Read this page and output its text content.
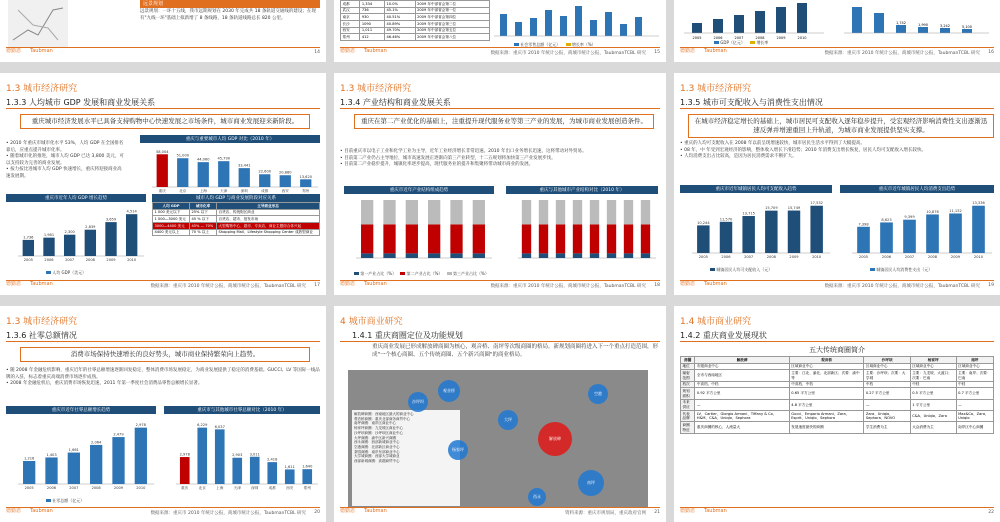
远景规划
远景规划：一环十五线，我市远期规划在 2030 年完成共 18 条轨道交通线的建设；在现有"九线一环"基础上拟新增了 8 条线路，18 条轨道线路总长 820 公里。
德勤恩 Taubman	14
成都	1,334	10.0%	2009 年中部省会第二位
武汉	736	45.1%	2009 年中部省会第一位
南京	930	40.51%	2009 年中部省会第四位
长沙	1090	40.89%	2009 年中部省会第三位
西安	1,011	49.70%	2009 年中部省会第五位
郑州	412	46.46%	2009 年中部省会第八位
社会零售总额（亿元）	增长率（%）
德勤恩 Taubman	数据来源：重庆市 2010 年统计公报，商城市统计公报，TaubmanTCBL 研究 15
2005	2006	2007	2008	2009	2010
1,742	1,990	3,242	5,100
GDP（亿元）	增长率
德勤恩 Taubman	数据来源：重庆市 2010 年统计公报，商城市统计公报，TaubmanTCBL 研究 16
1.3 城市经济研究
1.3.3 人均城市 GDP 发展和商业发展关系
重庆城市经济发展水平已具备支持购物中心快速发展之市场条件，城市商业发展迎来新阶段。
• 2010 年重庆市城市化水平 53%，人均 GDP 在全国排名靠后，应重点提升城市化率。
• 随着城市化的推进，城市人均 GDP 已达 3,800 美元，可以支持较为完善的商业发展。
• 按力按比进城市人均 GDP 快速增长，重庆将迎接商业高速发展期。
重庆与重要城市人均 GDP 对比（2010 年）
58,004
重庆
51,000
北京
44,060
上海
45,790
天津
33,441
深圳
22,600
成都
20,880
西安
13,620
郑州
重庆市近年人均 GDP 增长趋势
1,736
2005
1,981
2006
2,300
2007
2,839
2008
3,659
2009
4,514
2010
人均 GDP（美元）
城市人均 GDP 与商业发展阶段对应关系
人均 GDP	城市化率	主导商业形态
1 000 美元以下	25% 以下	百货店、传统街区商业
1 000—3000 美元	45 % 以下	百货店、超市、批发市场
3000—4400 美元	45% — 70%	大型购物中心、超市、专卖店，商业主题综合体兴起
4400 美元以上	70 % 以上	Shopping Mall、Lifestyle Shopping Center 成熟型商业
德勤恩 Taubman	数据来源：重庆市 2010 年统计公报，商城市统计公报，TaubmanTCBL 研究 17
1.3 城市经济研究
1.3.4 产业结构和商业发展关系
重庆在第二产业优化的基础上，注重提升现代服务业等第三产业的发展，为城市商业发展创造条件。
• 目前重庆市以电子工业和化学工业为主导，近年工业经济增长非常迅速。2010 年出口业务增长迅速，这将带动对外贸易。
• 目前第二产业仍占主导地位，城市高速发展正逐渐向第三产业转型，十二五规划将加快第三产业发展步伐。
• 目前第二产业稳步提升，城镇化率逐步提高，现代服务业的提升和集聚将带动城市商业的发展。
重庆市近年产业结构组成趋势	重庆与其他城市产业结构对比（2010 年）
第一产业占比（%）	第二产业占比（%）	第三产业占比（%）
德勤恩 Taubman	数据来源：重庆市 2010 年统计公报，商城市统计公报，TaubmanTCBL 研究 18
1.3 城市经济研究
1.3.5 城市可支配收入与消费性支出情况
在城市经济稳定增长的基础上，城市居民可支配收入逐年稳步提升，受宏观经济影响消费性支出逐渐迅速反弹并增速重回上升轨道，为城市商业发展提供坚实支撑。
• 重庆的人均可支配收入在 2008 年以前呈现增速较快，城市居民生活水平得到了大幅提高。
• 08 年，中 年受到宏观经济的影响，整体收入增长下滑趋势；2010 年消费支出增长恢复，居民人均可支配收入增长较快。
• 人均消费支出占比较高，是因为居民消费需求不断扩大。
重庆市近年城镇居民人均可支配收入趋势
10,244
2005
11,570
2006
13,715
2007
15,709
2008
15,749
2009
17,532
2010
城镇居民人均可支配收入（元）
重庆市近年城镇居民人均消费支出趋势
7,398
2005
8,623
2006
9,399
2007
10,876
2008
11,152
2009
13,336
2010
城镇居民人均消费性支出（元）
德勤恩 Taubman	数据来源：重庆市 2010 年统计公报，商城市统计公报，TaubmanTCBL 研究 19
1.3 城市经济研究
1.3.6 社零总额情况
消费市场保持快速增长的良好势头，城市商业保持繁荣向上趋势。
• 随 2008 年金融危机影响，重庆近年的社零总额增速逐渐回复稳定，整体消费市场发展稳定，为商业发展提供了稳定的消费基础。GUCCI、LV 等国际一线品牌的入驻，标志着重庆高端消费市场逐步成熟。
• 2008 年金融危机后，重庆消费市场恢复迅速，2011 年第一季度社会消费品零售总额增长显著。
重庆市近年社零总额增长趋势
1,216
2005
1,403
2006
1,661
2007
2,064
2008
2,479
2009
2,978
2010
社零总额（亿元）
重庆市与其他城市社零总额对比（2010 年）
2,978
重庆
6,229
北京
6,037
上海
2,903
天津
3,011
深圳
2,418
成都
1,611
西安
1,640
郑州
德勤恩 Taubman	数据来源：重庆市 2010 年统计公报，商城市统计公报，TaubmanTCBL 研究 20
4 城市商业研究
1.4.1 重庆商圈定位及功能规划
重庆商业发展已形成解放碑商圈为核心，观音桥、南坪等次级商圈的格局。新规划商圈将进入下一个重点打造范围，形成"一个核心商圈、五个传统商圈、五个新兴商圈"的商业格局。
解放碑商圈：西南地区最大的商业中心
观音桥商圈：重庆北部商务商贸中心
南坪商圈：南岸区商业中心
杨家坪商圈：九龙坡区商业中心
沙坪坝商圈：沙坪坝区商业中心
大坪商圈：渝中区新兴商圈
西永商圈：西部新城商业中心
空港商圈：北部新区商业中心
茶园商圈：南岸东部商业中心
大学城商圈：西部大学城商业
西部新城商圈：高端商贸中心
观音桥
解放碑
南坪
沙坪坝
杨家坪
大坪
空港
西永
德勤恩 Taubman	资料来源：重庆市规划局，重庆政府官网 21
1.4 城市商业研究
1.4.2 重庆商业发展现状
五大传统商圈简介
商圈	解放碑	观音桥	沙坪坝	杨家坪	南坪
地位	市级商业中心	区域商业中心	区域商业中心	区域商业中心	区域商业中心
辐射范围	全市与西南地区	主要：江北、渝北、北部新区；次要：渝中等	主要：沙坪坝；次要：大学城	主要：九龙坡、大渡口；次要：巴南	主要：南岸；次要：巴南
档次	中高档、中档	中高档、中档	中档	中档	中档
规划面积	0.92 平方公里	0.65 平方公里	0.27 平方公里	0.5 平方公里	0.7 平方公里
未来供应	—	4.8 平方公里	—	1 平方公里	—
代表品牌	LV、Cartier、Giorgio Armani、Tiffany & Co、H&M、C&A、Uniqlo、Sephora	Gucci、Emporio Armani、Zara、Esprit、Uniqlo、Sephora	Zara、Uniqlo、Sephora、NOVO	C&A、Uniqlo、Zara	Max&Co、Zara、Uniqlo
商圈特征	重庆商圈的核心，人流量大	发展速度最快的商圈	学生消费为主	大众消费为主	南岸区中心商圈
德勤恩 Taubman	22
